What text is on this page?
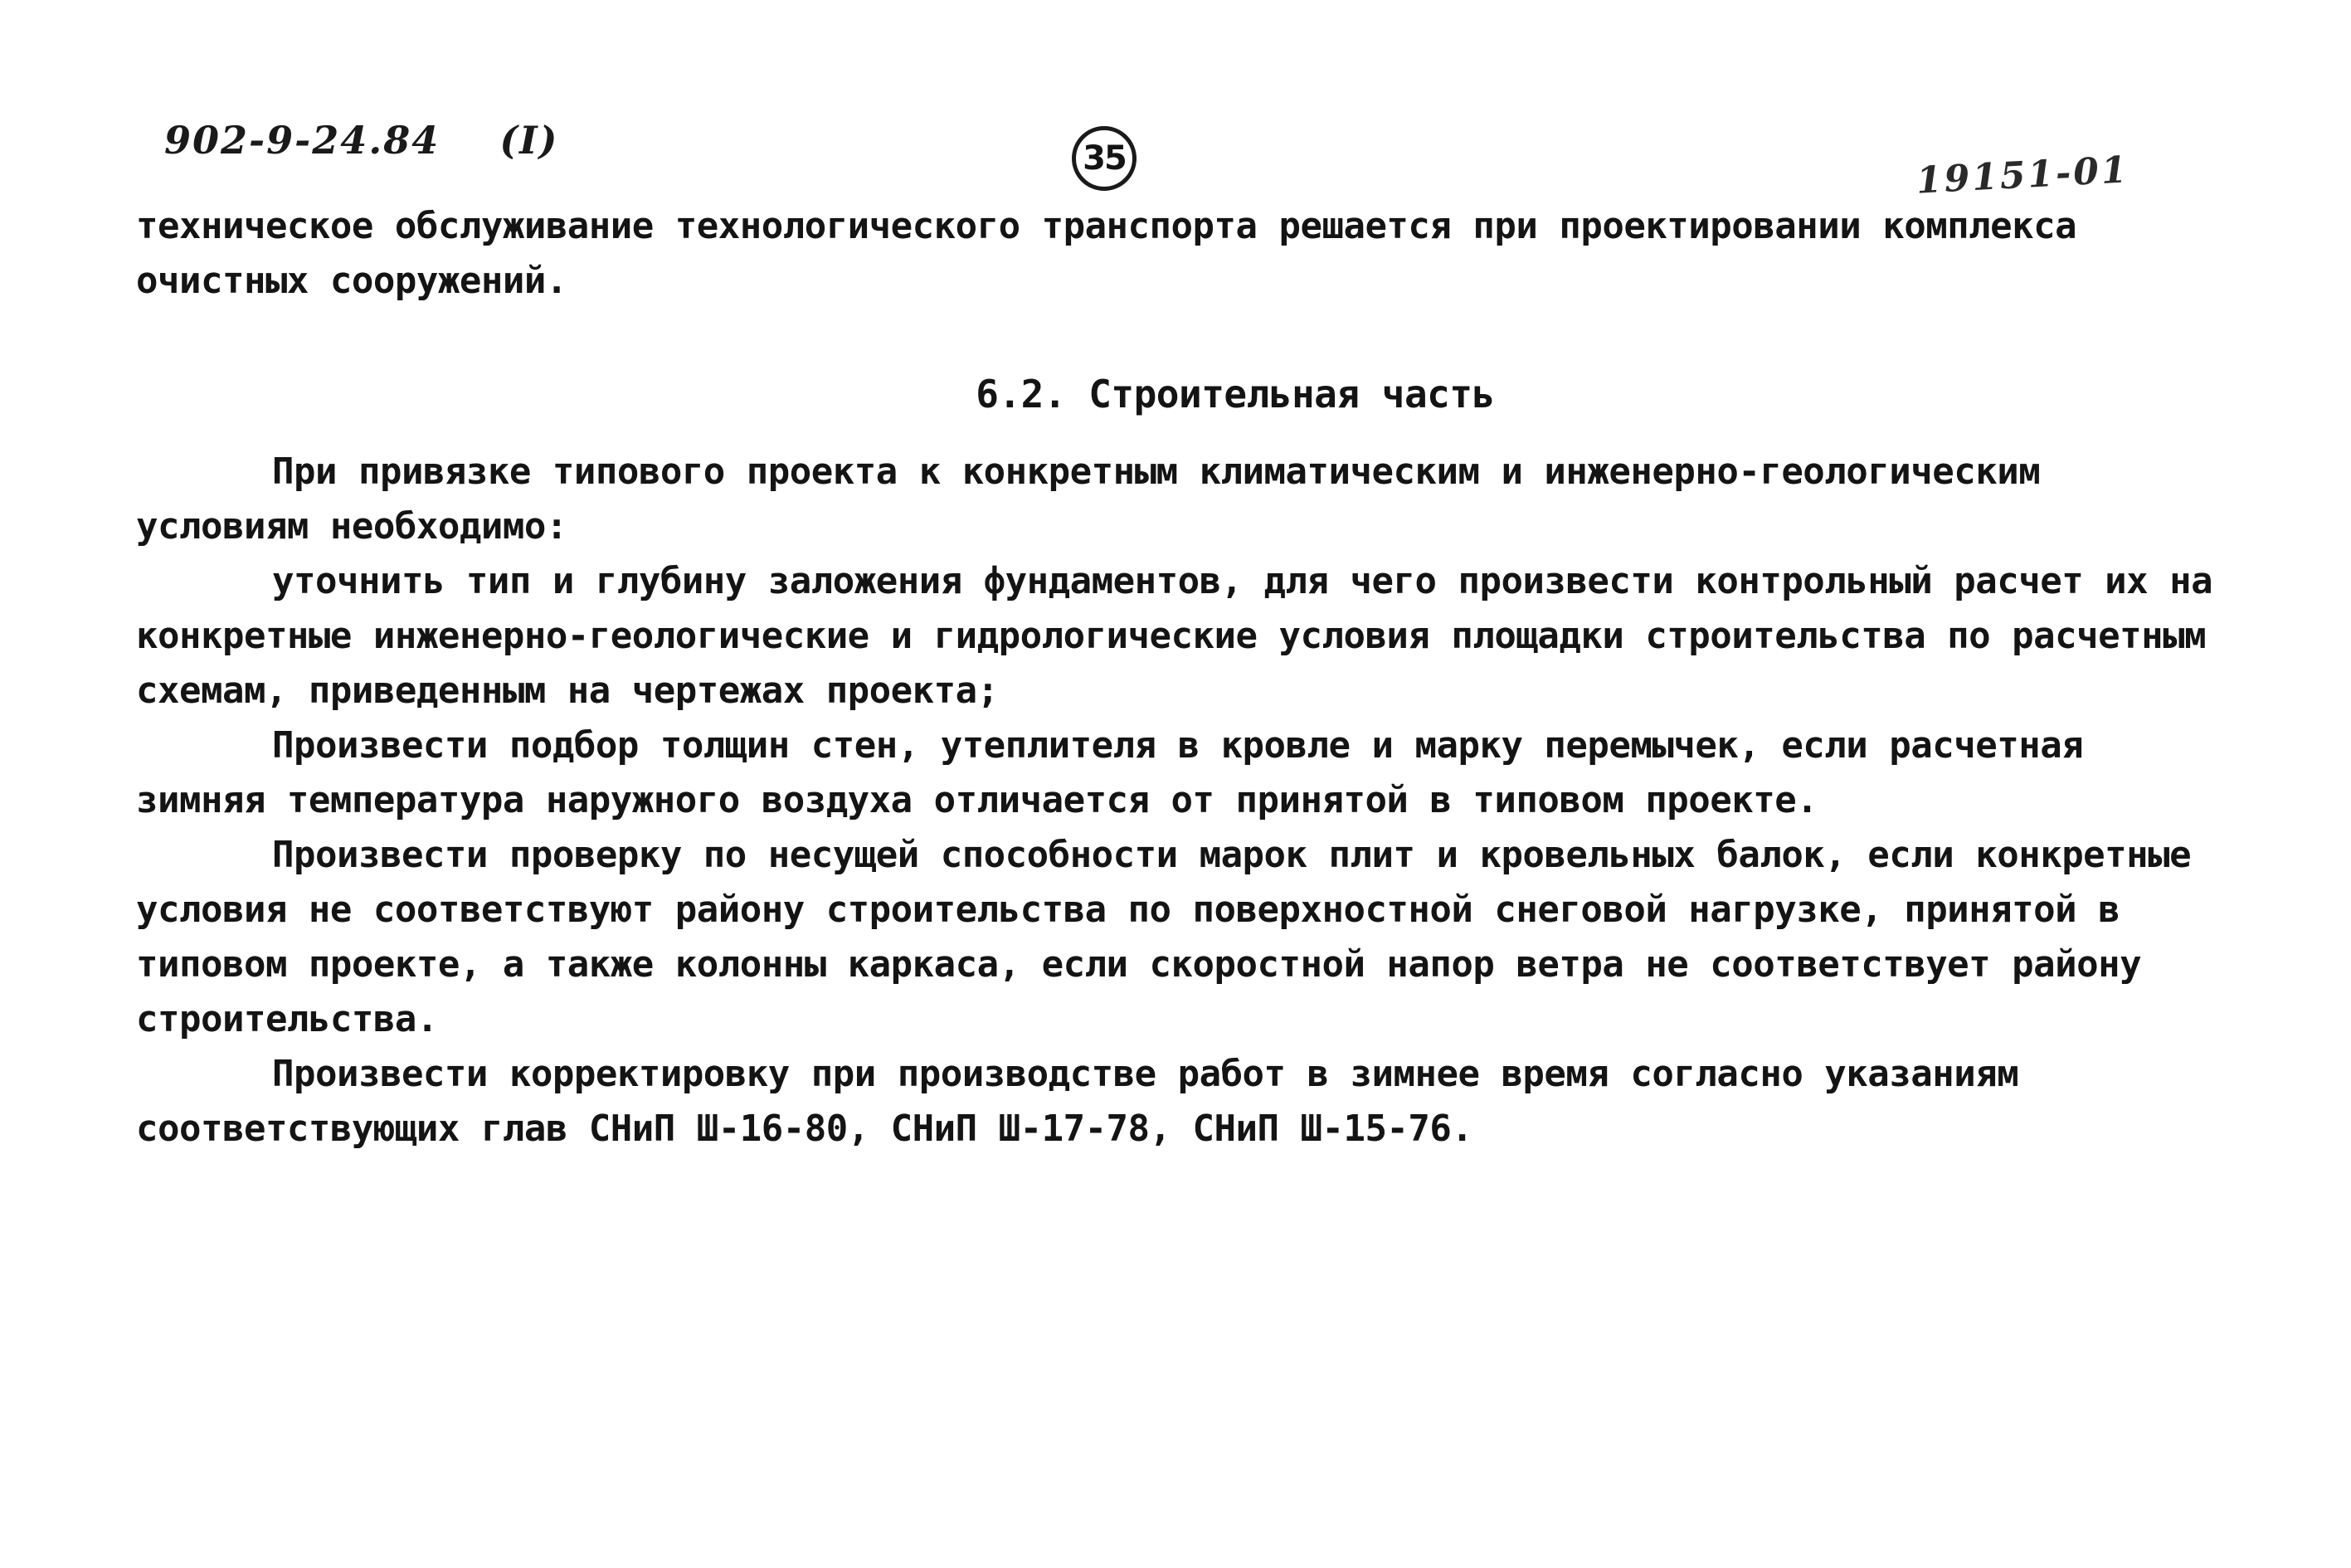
902-9-24.84 (I)	35	19151-01

техническое обслуживание технологического транспорта решается при проектировании комплекса очистных сооружений.

6.2. Строительная часть

При привязке типового проекта к конкретным климатическим и инженерно-геологическим условиям необходимо:

уточнить тип и глубину заложения фундаментов, для чего произвести контрольный расчет их на конкретные инженерно-геологические и гидрологические условия площадки строительства по расчетным схемам, приведенным на чертежах проекта;

Произвести подбор толщин стен, утеплителя в кровле и марку перемычек, если расчетная зимняя температура наружного воздуха отличается от принятой в типовом проекте.

Произвести проверку по несущей способности марок плит и кровельных балок, если конкретные условия не соответствуют району строительства по поверхностной снеговой нагрузке, принятой в типовом проекте, а также колонны каркаса, если скоростной напор ветра не соответствует району строительства.

Произвести корректировку при производстве работ в зимнее время согласно указаниям соответствующих глав СНиП Ш-16-80, СНиП Ш-17-78, СНиП Ш-15-76.
